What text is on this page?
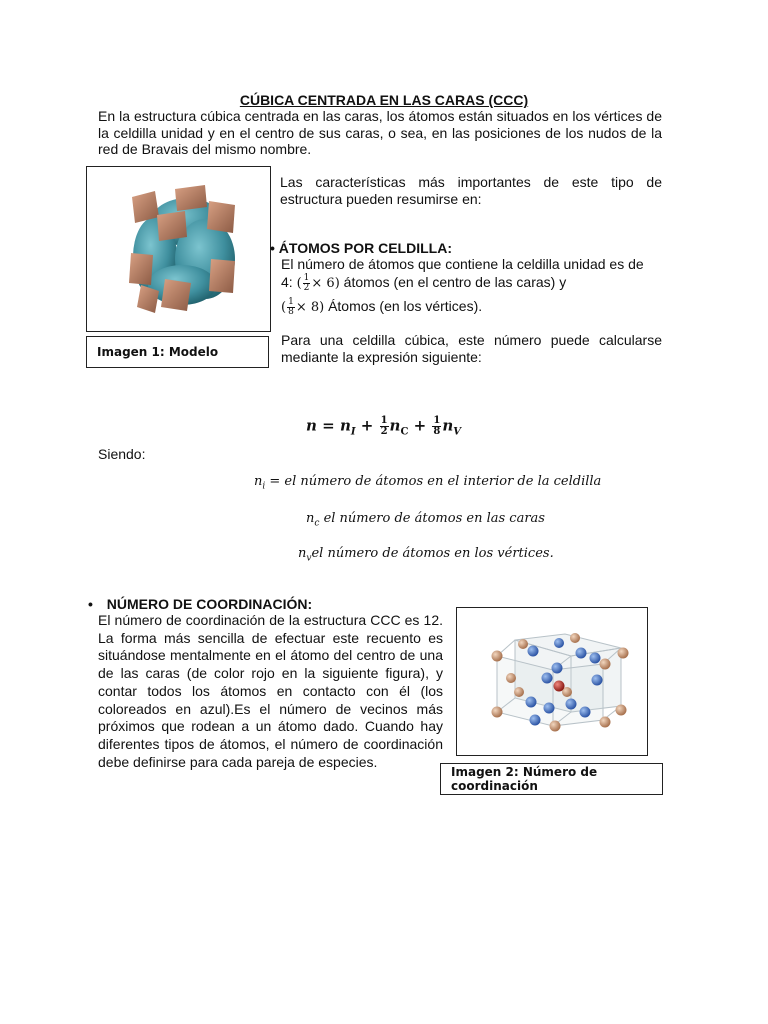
CÚBICA CENTRADA EN LAS CARAS (CCC)
En la estructura cúbica centrada en las caras, los átomos están situados en los vértices de la celdilla unidad y en el centro de sus caras, o sea, en las posiciones de los nudos de la red de Bravais del mismo nombre.
Imagen 1: Modelo
Las características más importantes de este tipo de estructura pueden resumirse en:
• ÁTOMOS POR CELDILLA:
El número de átomos que contiene la celdilla unidad es de
4: ( $\frac{1}{2} \times 6$) átomos (en el centro de las caras) y
( $\frac{1}{8} \times 8$) Átomos (en los vértices).
Para una celdilla cúbica, este número puede calcularse mediante la expresión siguiente:
$n = n_I + \frac{1}{2} n_C + \frac{1}{8} n_V$
Siendo:
$n_i$ = el número de átomos en el interior de la celdilla
$n_c$ el número de átomos en las caras
$n_vel$ número de átomos en los vértices.
• NÚMERO DE COORDINACIÓN:
El número de coordinación de la estructura CCC es 12. La forma más sencilla de efectuar este recuento es situándose mentalmente en el átomo del centro de una de las caras (de color rojo en la siguiente figura), y contar todos los átomos en contacto con él (los coloreados en azul).Es el número de vecinos más próximos que rodean a un átomo dado. Cuando hay diferentes tipos de átomos, el número de coordinación debe definirse para cada pareja de especies.
Imagen 2: Número de coordinación
